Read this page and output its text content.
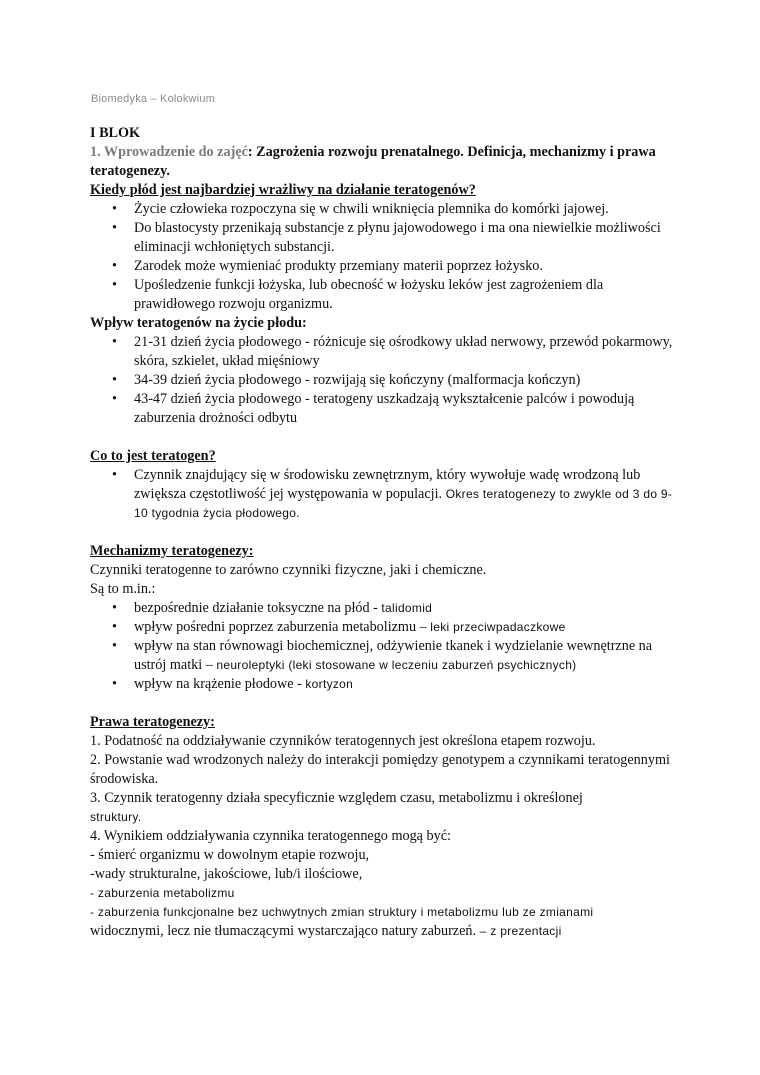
Biomedyka – Kolokwium

I BLOK

1. Wprowadzenie do zajęć: Zagrożenia rozwoju prenatalnego. Definicja, mechanizmy i prawa teratogenezy.

Kiedy płód jest najbardziej wrażliwy na działanie teratogenów?

• Życie człowieka rozpoczyna się w chwili wniknięcia plemnika do komórki jajowej.
• Do blastocysty przenikają substancje z płynu jajowodowego i ma ona niewielkie możliwości eliminacji wchłoniętych substancji.
• Zarodek może wymieniać produkty przemiany materii poprzez łożysko.
• Upośledzenie funkcji łożyska, lub obecność w łożysku leków jest zagrożeniem dla prawidłowego rozwoju organizmu.

Wpływ teratogenów na życie płodu:

• 21-31 dzień życia płodowego - różnicuje się ośrodkowy układ nerwowy, przewód pokarmowy, skóra, szkielet, układ mięśniowy
• 34-39 dzień życia płodowego - rozwijają się kończyny (malformacja kończyn)
• 43-47 dzień życia płodowego - teratogeny uszkadzają wykształcenie palców i powodują zaburzenia drożności odbytu

Co to jest teratogen?

• Czynnik znajdujący się w środowisku zewnętrznym, który wywołuje wadę wrodzoną lub zwiększa częstotliwość jej występowania w populacji. Okres teratogenezy to zwykle od 3 do 9-10 tygodnia życia płodowego.

Mechanizmy teratogenezy:

Czynniki teratogenne to zarówno czynniki fizyczne, jaki i chemiczne.

Są to m.in.:

• bezpośrednie działanie toksyczne na płód - talidomid
• wpływ pośredni poprzez zaburzenia metabolizmu – leki przeciwpadaczkowe
• wpływ na stan równowagi biochemicznej, odżywienie tkanek i wydzielanie wewnętrzne na ustrój matki – neuroleptyki (leki stosowane w leczeniu zaburzeń psychicznych)
• wpływ na krążenie płodowe - kortyzon

Prawa teratogenezy:

1. Podatność na oddziaływanie czynników teratogennych jest określona etapem rozwoju.

2. Powstanie wad wrodzonych należy do interakcji pomiędzy genotypem a czynnikami teratogennymi środowiska.

3. Czynnik teratogenny działa specyficznie względem czasu, metabolizmu i określonej

struktury.

4. Wynikiem oddziaływania czynnika teratogennego mogą być:

- śmierć organizmu w dowolnym etapie rozwoju,

-wady strukturalne, jakościowe, lub/i ilościowe,

- zaburzenia metabolizmu

- zaburzenia funkcjonalne bez uchwytnych zmian struktury i metabolizmu lub ze zmianami

widocznymi, lecz nie tłumaczącymi wystarczająco natury zaburzeń. – z prezentacji
